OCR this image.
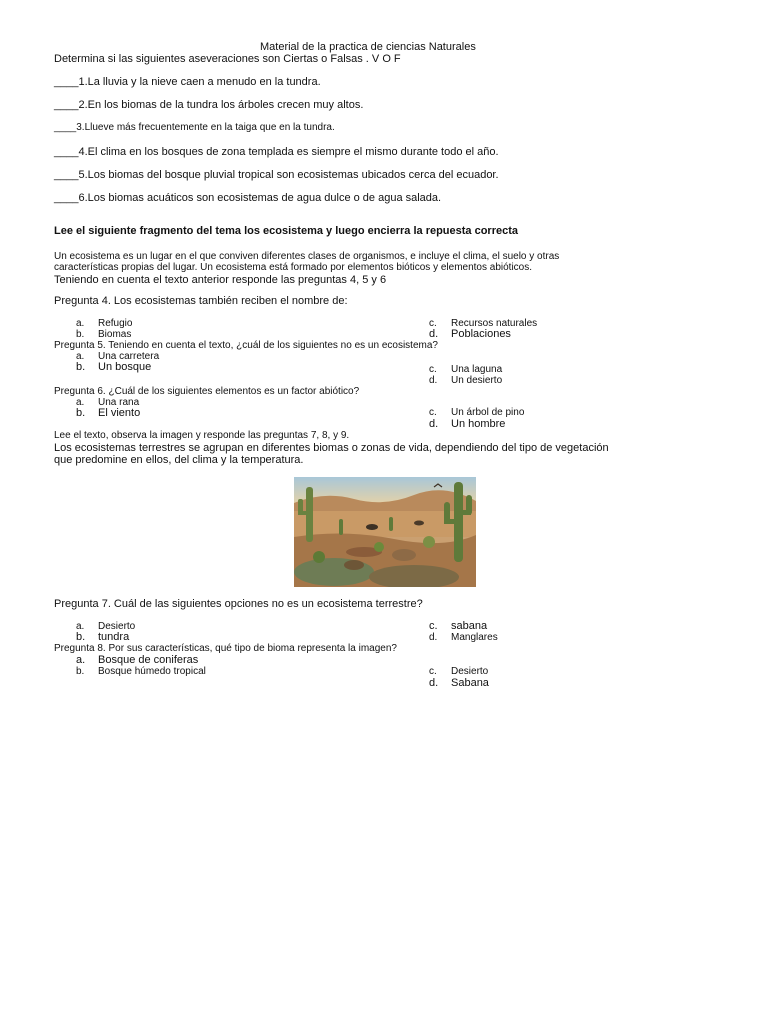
Material de la practica de ciencias Naturales
Determina si las siguientes aseveraciones son Ciertas o Falsas . V O F
____1.La lluvia y la nieve caen a menudo en la tundra.
____2.En los biomas de la tundra los árboles crecen muy altos.
____3.Llueve más frecuentemente en la taiga que en la tundra.
____4.El clima en los bosques de zona templada es siempre el mismo durante todo el año.
____5.Los biomas del bosque pluvial tropical son ecosistemas ubicados cerca del ecuador.
____6.Los biomas acuáticos son ecosistemas de agua dulce o de agua salada.
Lee el siguiente fragmento del tema los ecosistema y luego encierra la repuesta correcta
Un ecosistema es un lugar en el que conviven diferentes clases de organismos, e incluye el clima, el suelo y otras
características propias del lugar. Un ecosistema está formado por elementos bióticos y elementos abióticos.
Teniendo en cuenta el texto anterior responde las preguntas 4, 5 y 6
Pregunta 4. Los ecosistemas también reciben el nombre de:
a. Refugio
b. Biomas
c. Recursos naturales
d. Poblaciones
Pregunta 5. Teniendo en cuenta el texto, ¿cuál de los siguientes no es un ecosistema?
a. Una carretera
b. Un bosque	c. Una laguna
d. Un desierto
Pregunta 6. ¿Cuál de los siguientes elementos es un factor abiótico?
a. Una rana
b. El viento	c. Un árbol de pino
d. Un hombre
Lee el texto, observa la imagen y responde las preguntas 7, 8, y 9.
Los ecosistemas terrestres se agrupan en diferentes biomas o zonas de vida, dependiendo del tipo de vegetación
que predomine en ellos, del clima y la temperatura.
Pregunta 7. Cuál de las siguientes opciones no es un ecosistema terrestre?
a. Desierto
b. tundra
c. sabana
d. Manglares
Pregunta 8. Por sus características, qué tipo de bioma representa la imagen?
a. Bosque de coniferas
b. Bosque húmedo tropical	c. Desierto
d. Sabana
